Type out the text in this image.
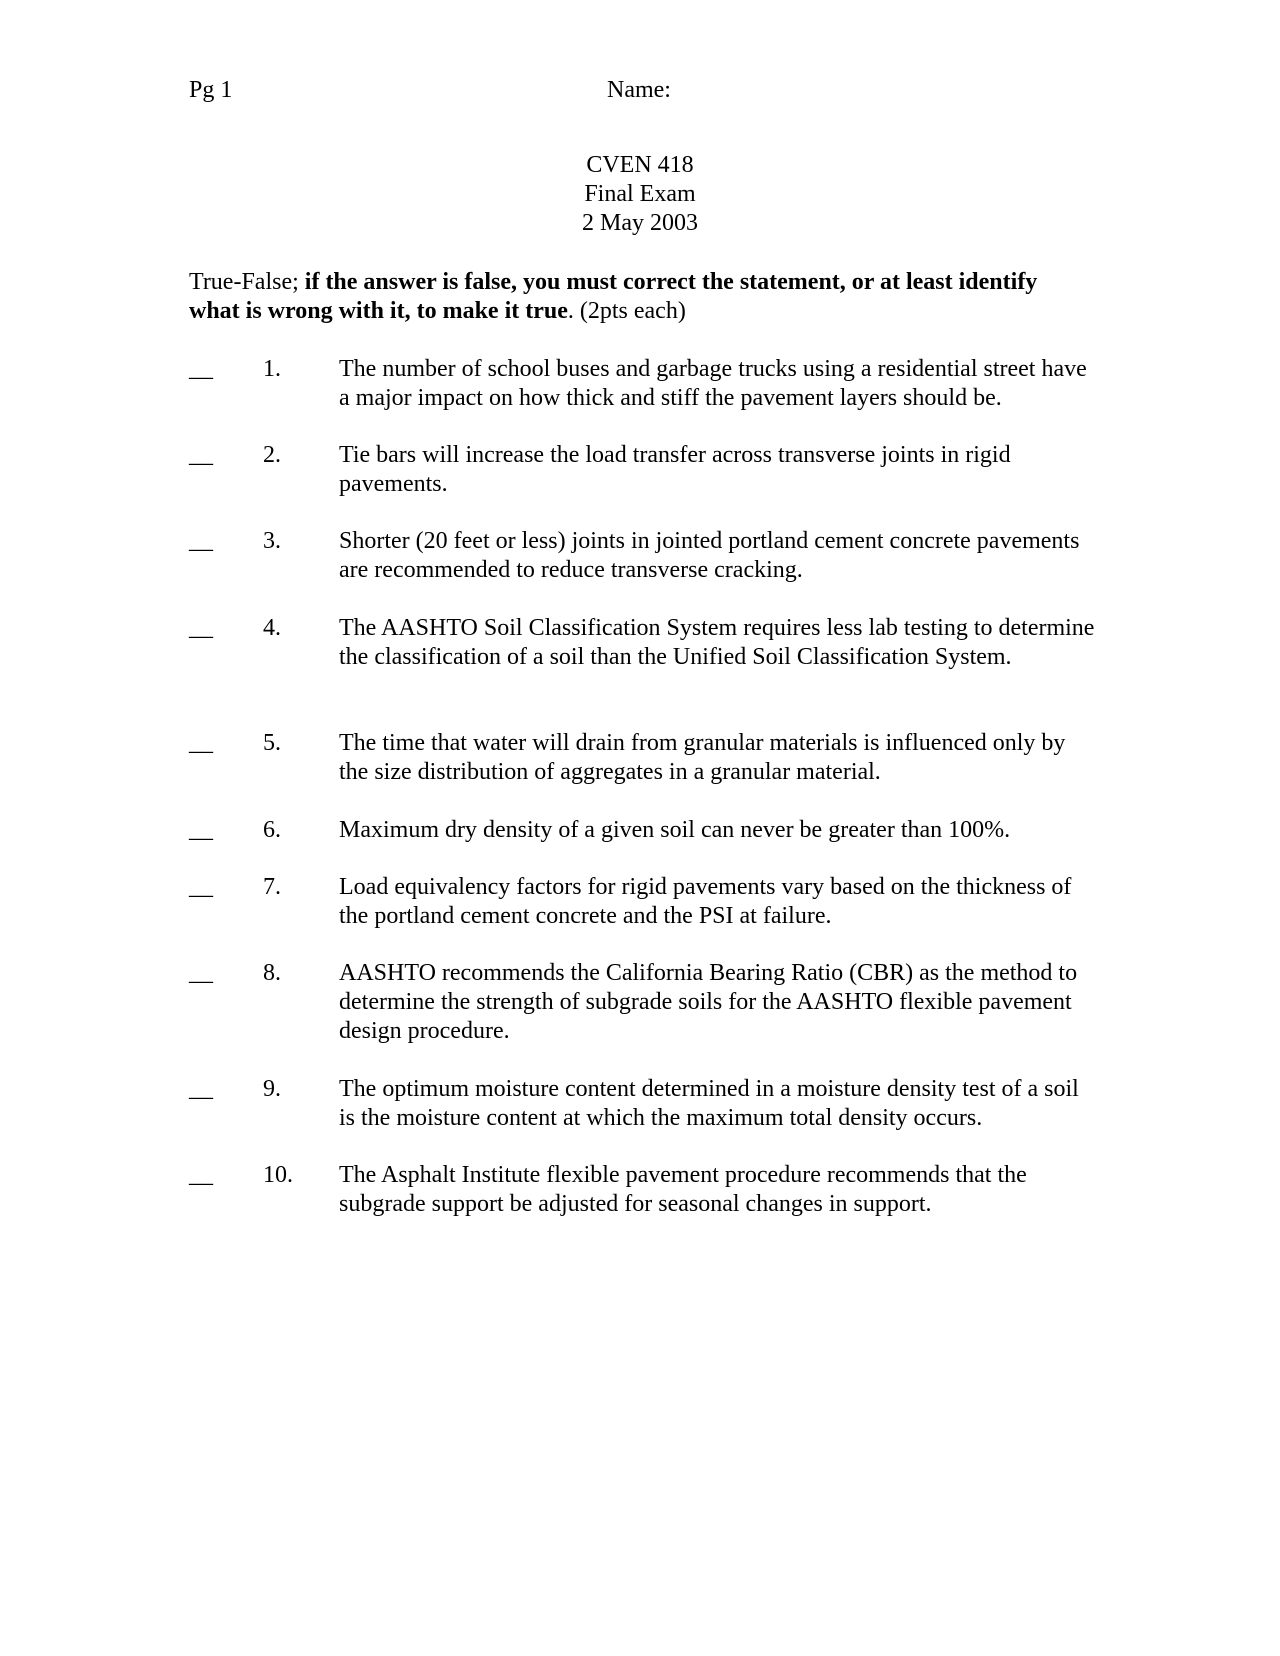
Pg 1	Name:
CVEN 418
Final Exam
2 May 2003

True-False; if the answer is false, you must correct the statement, or at least identify what is wrong with it, to make it true. (2pts each)

__ 1. The number of school buses and garbage trucks using a residential street have a major impact on how thick and stiff the pavement layers should be.
__ 2. Tie bars will increase the load transfer across transverse joints in rigid pavements.
__ 3. Shorter (20 feet or less) joints in jointed portland cement concrete pavements are recommended to reduce transverse cracking.
__ 4. The AASHTO Soil Classification System requires less lab testing to determine the classification of a soil than the Unified Soil Classification System.
__ 5. The time that water will drain from granular materials is influenced only by the size distribution of aggregates in a granular material.
__ 6. Maximum dry density of a given soil can never be greater than 100%.
__ 7. Load equivalency factors for rigid pavements vary based on the thickness of the portland cement concrete and the PSI at failure.
__ 8. AASHTO recommends the California Bearing Ratio (CBR) as the method to determine the strength of subgrade soils for the AASHTO flexible pavement design procedure.
__ 9. The optimum moisture content determined in a moisture density test of a soil is the moisture content at which the maximum total density occurs.
__ 10. The Asphalt Institute flexible pavement procedure recommends that the subgrade support be adjusted for seasonal changes in support.
